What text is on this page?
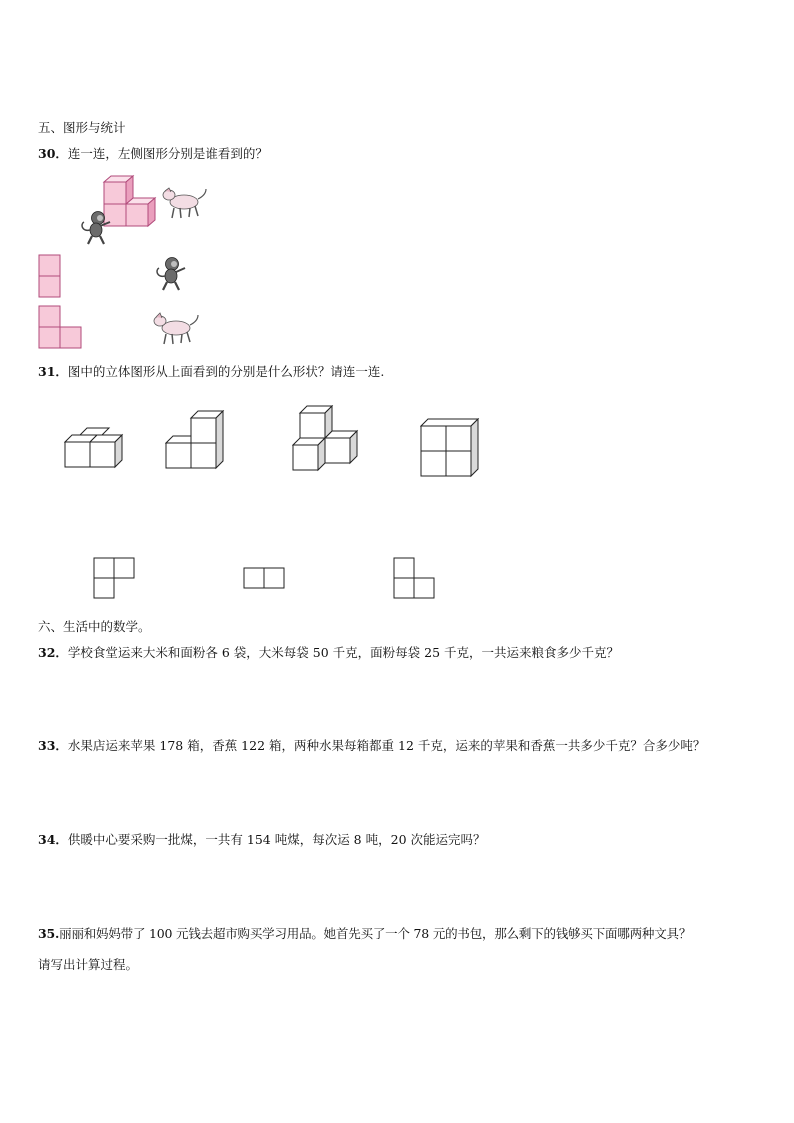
五、图形与统计
30．连一连，左侧图形分别是谁看到的？
31．图中的立体图形从上面看到的分别是什么形状？请连一连.
六、生活中的数学。
32．学校食堂运来大米和面粉各 6 袋，大米每袋 50 千克，面粉每袋 25 千克，一共运来粮食多少千克？
33．水果店运来苹果 178 箱，香蕉 122 箱，两种水果每箱都重 12 千克，运来的苹果和香蕉一共多少千克？合多少吨？
34．供暖中心要采购一批煤，一共有 154 吨煤，每次运 8 吨，20 次能运完吗？
35.丽丽和妈妈带了 100 元钱去超市购买学习用品。她首先买了一个 78 元的书包，那么剩下的钱够买下面哪两种文具？
请写出计算过程。
